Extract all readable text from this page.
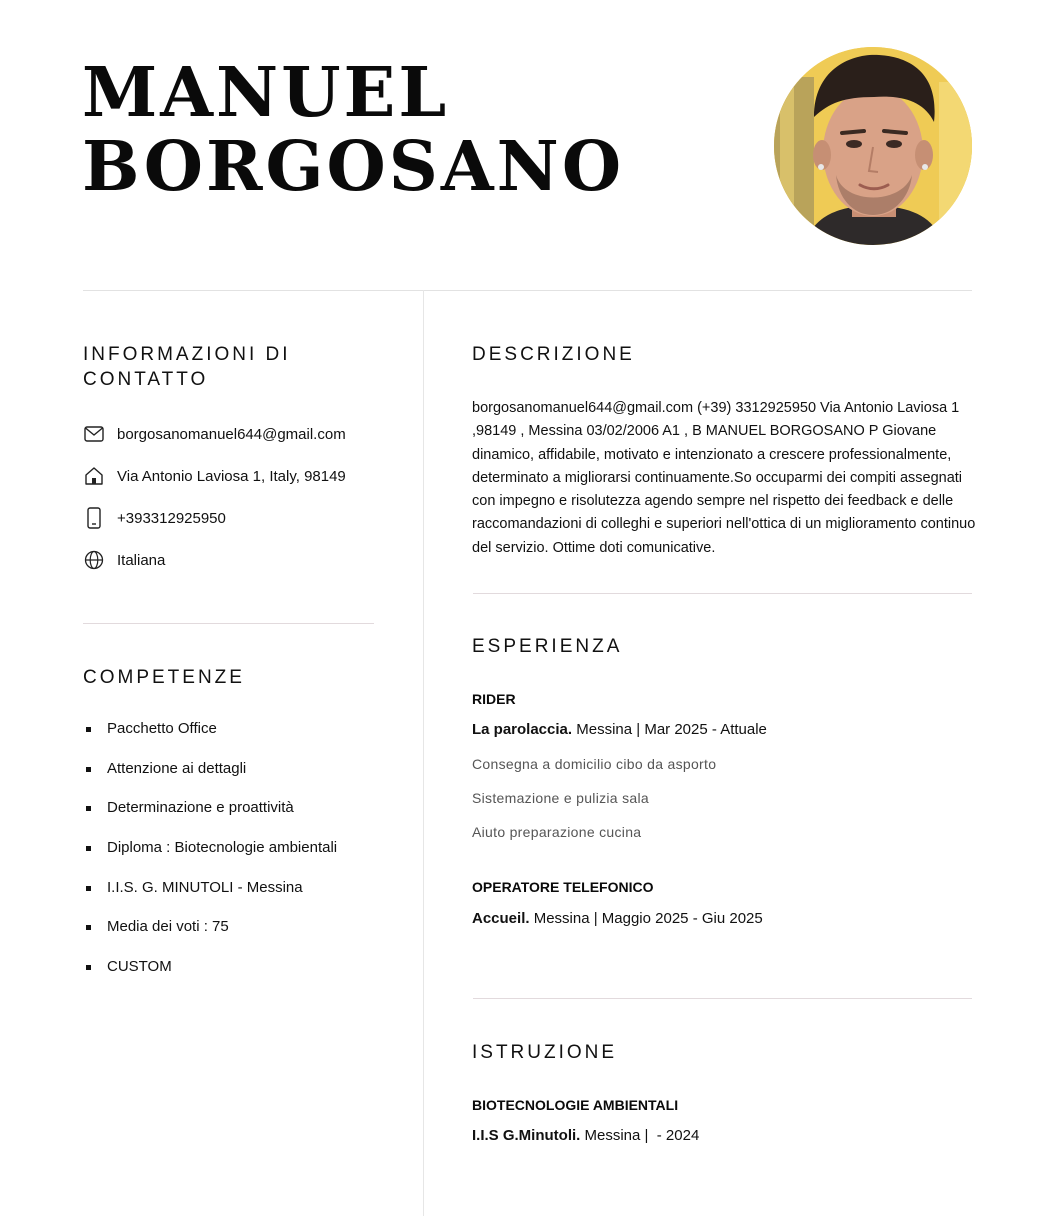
MANUEL
BORGOSANO
INFORMAZIONI DI
CONTATTO
borgosanomanuel644@gmail.com
Via Antonio Laviosa 1, Italy, 98149
+393312925950
Italiana
COMPETENZE
Pacchetto Office
Attenzione ai dettagli
Determinazione e proattività
Diploma : Biotecnologie ambientali
I.I.S. G. MINUTOLI - Messina
Media dei voti : 75
CUSTOM
DESCRIZIONE
borgosanomanuel644@gmail.com (+39) 3312925950 Via Antonio Laviosa 1 ,98149 , Messina 03/02/2006 A1 , B MANUEL BORGOSANO P Giovane dinamico, affidabile, motivato e intenzionato a crescere professionalmente, determinato a migliorarsi continuamente.So occuparmi dei compiti assegnati con impegno e risolutezza agendo sempre nel rispetto dei feedback e delle raccomandazioni di colleghi e superiori nell'ottica di un miglioramento continuo del servizio. Ottime doti comunicative.
ESPERIENZA
RIDER
La parolaccia. Messina | Mar 2025 - Attuale
Consegna a domicilio cibo da asporto
Sistemazione e pulizia sala
Aiuto preparazione cucina
OPERATORE TELEFONICO
Accueil. Messina | Maggio 2025 - Giu 2025
ISTRUZIONE
BIOTECNOLOGIE AMBIENTALI
I.I.S G.Minutoli. Messina |  - 2024
